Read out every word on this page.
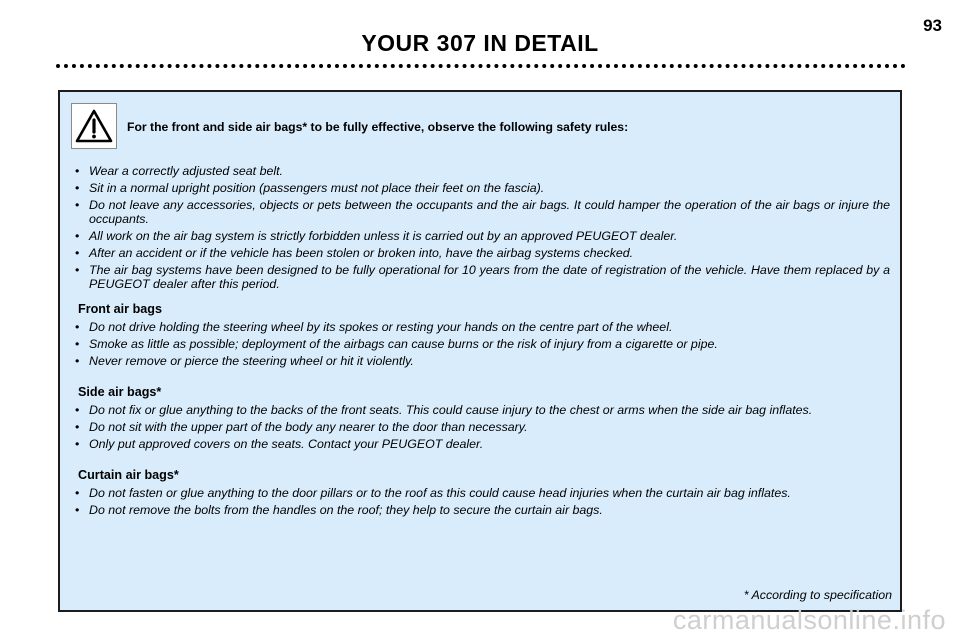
YOUR 307 IN DETAIL
93
For the front and side air bags* to be fully effective, observe the following safety rules:
• Wear a correctly adjusted seat belt.
• Sit in a normal upright position (passengers must not place their feet on the fascia).
• Do not leave any accessories, objects or pets between the occupants and the air bags. It could hamper the operation of the air bags or injure the occupants.
• All work on the air bag system is strictly forbidden unless it is carried out by an approved PEUGEOT dealer.
• After an accident or if the vehicle has been stolen or broken into, have the airbag systems checked.
• The air bag systems have been designed to be fully operational for 10 years from the date of registration of the vehicle. Have them replaced by a PEUGEOT dealer after this period.
Front air bags
• Do not drive holding the steering wheel by its spokes or resting your hands on the centre part of the wheel.
• Smoke as little as possible; deployment of the airbags can cause burns or the risk of injury from a cigarette or pipe.
• Never remove or pierce the steering wheel or hit it violently.
Side air bags*
• Do not fix or glue anything to the backs of the front seats. This could cause injury to the chest or arms when the side air bag inflates.
• Do not sit with the upper part of the body any nearer to the door than necessary.
• Only put approved covers on the seats. Contact your PEUGEOT dealer.
Curtain air bags*
• Do not fasten or glue anything to the door pillars or to the roof as this could cause head injuries when the curtain air bag inflates.
• Do not remove the bolts from the handles on the roof; they help to secure the curtain air bags.
* According to specification
carmanualsonline.info
